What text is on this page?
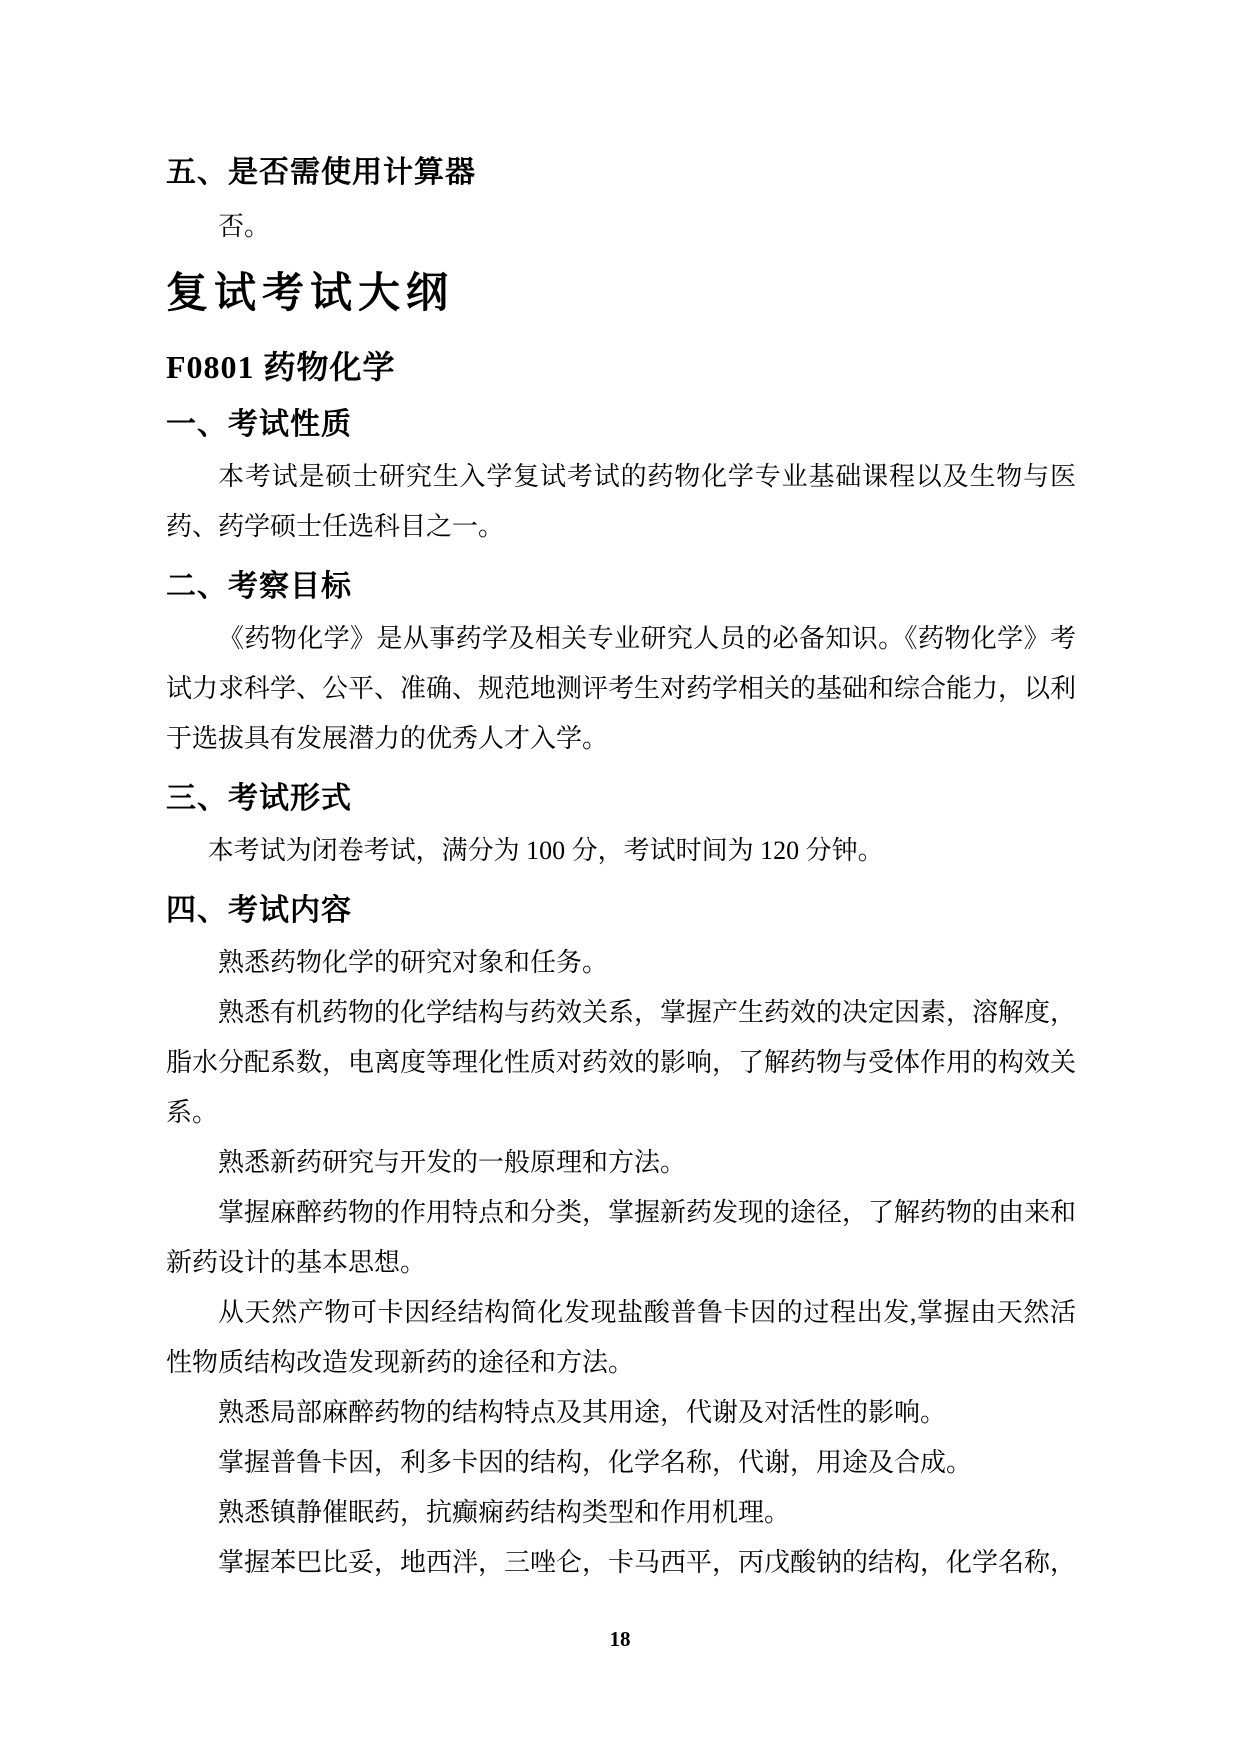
五、是否需使用计算器

否。

复试考试大纲
F0801 药物化学
一、考试性质

本考试是硕士研究生入学复试考试的药物化学专业基础课程以及生物与医药、药学硕士任选科目之一。

二、考察目标

《药物化学》是从事药学及相关专业研究人员的必备知识。《药物化学》考试力求科学、公平、准确、规范地测评考生对药学相关的基础和综合能力，以利于选拔具有发展潜力的优秀人才入学。

三、考试形式

本考试为闭卷考试，满分为 100 分，考试时间为 120 分钟。

四、考试内容

熟悉药物化学的研究对象和任务。

熟悉有机药物的化学结构与药效关系，掌握产生药效的决定因素，溶解度，脂水分配系数，电离度等理化性质对药效的影响，了解药物与受体作用的构效关系。

熟悉新药研究与开发的一般原理和方法。

掌握麻醉药物的作用特点和分类，掌握新药发现的途径，了解药物的由来和新药设计的基本思想。

从天然产物可卡因经结构简化发现盐酸普鲁卡因的过程出发,掌握由天然活性物质结构改造发现新药的途径和方法。

熟悉局部麻醉药物的结构特点及其用途，代谢及对活性的影响。

掌握普鲁卡因，利多卡因的结构，化学名称，代谢，用途及合成。

熟悉镇静催眠药，抗癫痫药结构类型和作用机理。

掌握苯巴比妥，地西泮，三唑仑，卡马西平，丙戊酸钠的结构，化学名称，

18
